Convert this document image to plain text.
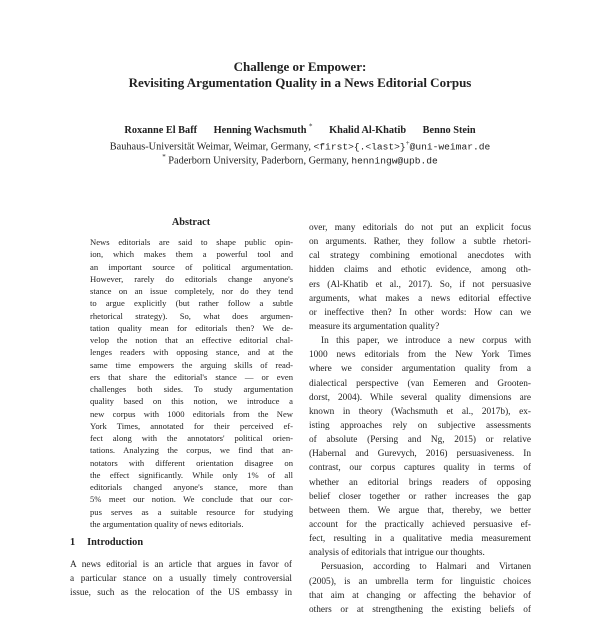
Challenge or Empower:
Revisiting Argumentation Quality in a News Editorial Corpus
Roxanne El Baff Henning Wachsmuth * Khalid Al-Khatib Benno Stein
Bauhaus-Universität Weimar, Weimar, Germany, <first>{.<last>}+@uni-weimar.de
* Paderborn University, Paderborn, Germany, henningw@upb.de
Abstract
News editorials are said to shape public opin-
ion, which makes them a powerful tool and
an important source of political argumentation.
However, rarely do editorials change anyone's
stance on an issue completely, nor do they tend
to argue explicitly (but rather follow a subtle
rhetorical strategy). So, what does argumen-
tation quality mean for editorials then? We de-
velop the notion that an effective editorial chal-
lenges readers with opposing stance, and at the
same time empowers the arguing skills of read-
ers that share the editorial's stance — or even
challenges both sides. To study argumentation
quality based on this notion, we introduce a
new corpus with 1000 editorials from the New
York Times, annotated for their perceived ef-
fect along with the annotators' political orien-
tations. Analyzing the corpus, we find that an-
notators with different orientation disagree on
the effect significantly. While only 1% of all
editorials changed anyone's stance, more than
5% meet our notion. We conclude that our cor-
pus serves as a suitable resource for studying
the argumentation quality of news editorials.
1 Introduction
A news editorial is an article that argues in favor of
a particular stance on a usually timely controversial
issue, such as the relocation of the US embassy in
over, many editorials do not put an explicit focus
on arguments. Rather, they follow a subtle rhetori-
cal strategy combining emotional anecdotes with
hidden claims and ethotic evidence, among oth-
ers (Al-Khatib et al., 2017). So, if not persuasive
arguments, what makes a news editorial effective
or ineffective then? In other words: How can we
measure its argumentation quality?
In this paper, we introduce a new corpus with
1000 news editorials from the New York Times
where we consider argumentation quality from a
dialectical perspective (van Eemeren and Grooten-
dorst, 2004). While several quality dimensions are
known in theory (Wachsmuth et al., 2017b), ex-
isting approaches rely on subjective assessments
of absolute (Persing and Ng, 2015) or relative
(Habernal and Gurevych, 2016) persuasiveness. In
contrast, our corpus captures quality in terms of
whether an editorial brings readers of opposing
belief closer together or rather increases the gap
between them. We argue that, thereby, we better
account for the practically achieved persuasive ef-
fect, resulting in a qualitative media measurement
analysis of editorials that intrigue our thoughts.
Persuasion, according to Halmari and Virtanen
(2005), is an umbrella term for linguistic choices
that aim at changing or affecting the behavior of
others or at strengthening the existing beliefs of
